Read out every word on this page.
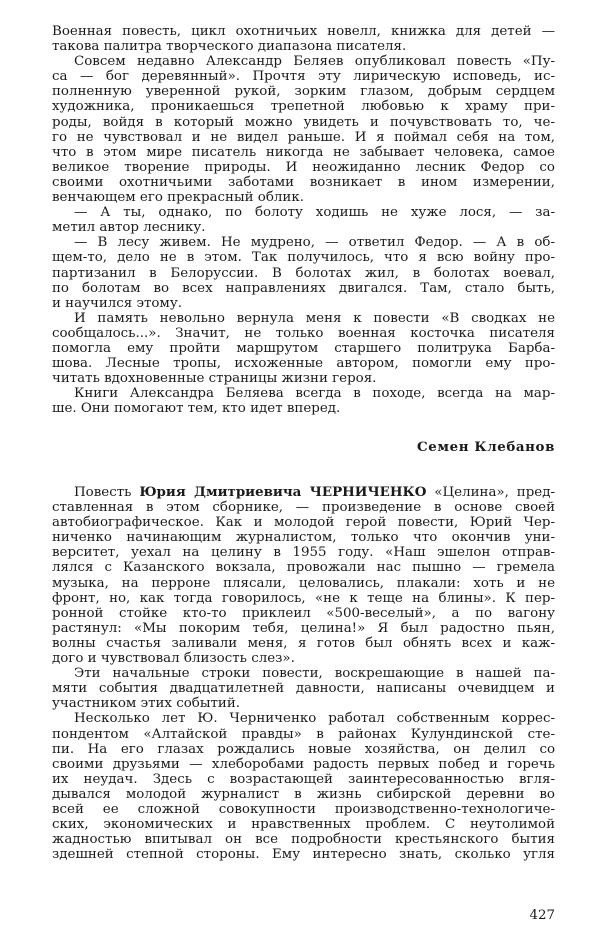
Военная повесть, цикл охотничьих новелл, книжка для детей —
такова палитра творческого диапазона писателя.
Совсем недавно Александр Беляев опубликовал повесть «Пу-
са — бог деревянный». Прочтя эту лирическую исповедь, ис-
полненную уверенной рукой, зорким глазом, добрым сердцем
художника, проникаешься трепетной любовью к храму при-
роды, войдя в который можно увидеть и почувствовать то, че-
го не чувствовал и не видел раньше. И я поймал себя на том,
что в этом мире писатель никогда не забывает человека, самое
великое творение природы. И неожиданно лесник Федор со
своими охотничьими заботами возникает в ином измерении,
венчающем его прекрасный облик.
— А ты, однако, по болоту ходишь не хуже лося, — за-
метил автор леснику.
— В лесу живем. Не мудрено, — ответил Федор. — А в об-
щем-то, дело не в этом. Так получилось, что я всю войну про-
партизанил в Белоруссии. В болотах жил, в болотах воевал,
по болотам во всех направлениях двигался. Там, стало быть,
и научился этому.
И память невольно вернула меня к повести «В сводках не
сообщалось...». Значит, не только военная косточка писателя
помогла ему пройти маршрутом старшего политрука Барба-
шова. Лесные тропы, исхоженные автором, помогли ему про-
читать вдохновенные страницы жизни героя.
Книги Александра Беляева всегда в походе, всегда на мар-
ше. Они помогают тем, кто идет вперед.
Семен Клебанов
Повесть Юрия Дмитриевича ЧЕРНИЧЕНКО «Целина», пред-
ставленная в этом сборнике, — произведение в основе своей
автобиографическое. Как и молодой герой повести, Юрий Чер-
ниченко начинающим журналистом, только что окончив уни-
верситет, уехал на целину в 1955 году. «Наш эшелон отправ-
лялся с Казанского вокзала, провожали нас пышно — гремела
музыка, на перроне плясали, целовались, плакали: хоть и не
фронт, но, как тогда говорилось, «не к теще на блины». К пер-
ронной стойке кто-то приклеил «500-веселый», а по вагону
растянул: «Мы покорим тебя, целина!» Я был радостно пьян,
волны счастья заливали меня, я готов был обнять всех и каж-
дого и чувствовал близость слез».
Эти начальные строки повести, воскрешающие в нашей па-
мяти события двадцатилетней давности, написаны очевидцем и
участником этих событий.
Несколько лет Ю. Черниченко работал собственным коррес-
пондентом «Алтайской правды» в районах Кулундинской сте-
пи. На его глазах рождались новые хозяйства, он делил со
своими друзьями — хлеборобами радость первых побед и горечь
их неудач. Здесь с возрастающей заинтересованностью вгля-
дывался молодой журналист в жизнь сибирской деревни во
всей ее сложной совокупности производственно-технологиче-
ских, экономических и нравственных проблем. С неутолимой
жадностью впитывал он все подробности крестьянского бытия
здешней степной стороны. Ему интересно знать, сколько угля
427
